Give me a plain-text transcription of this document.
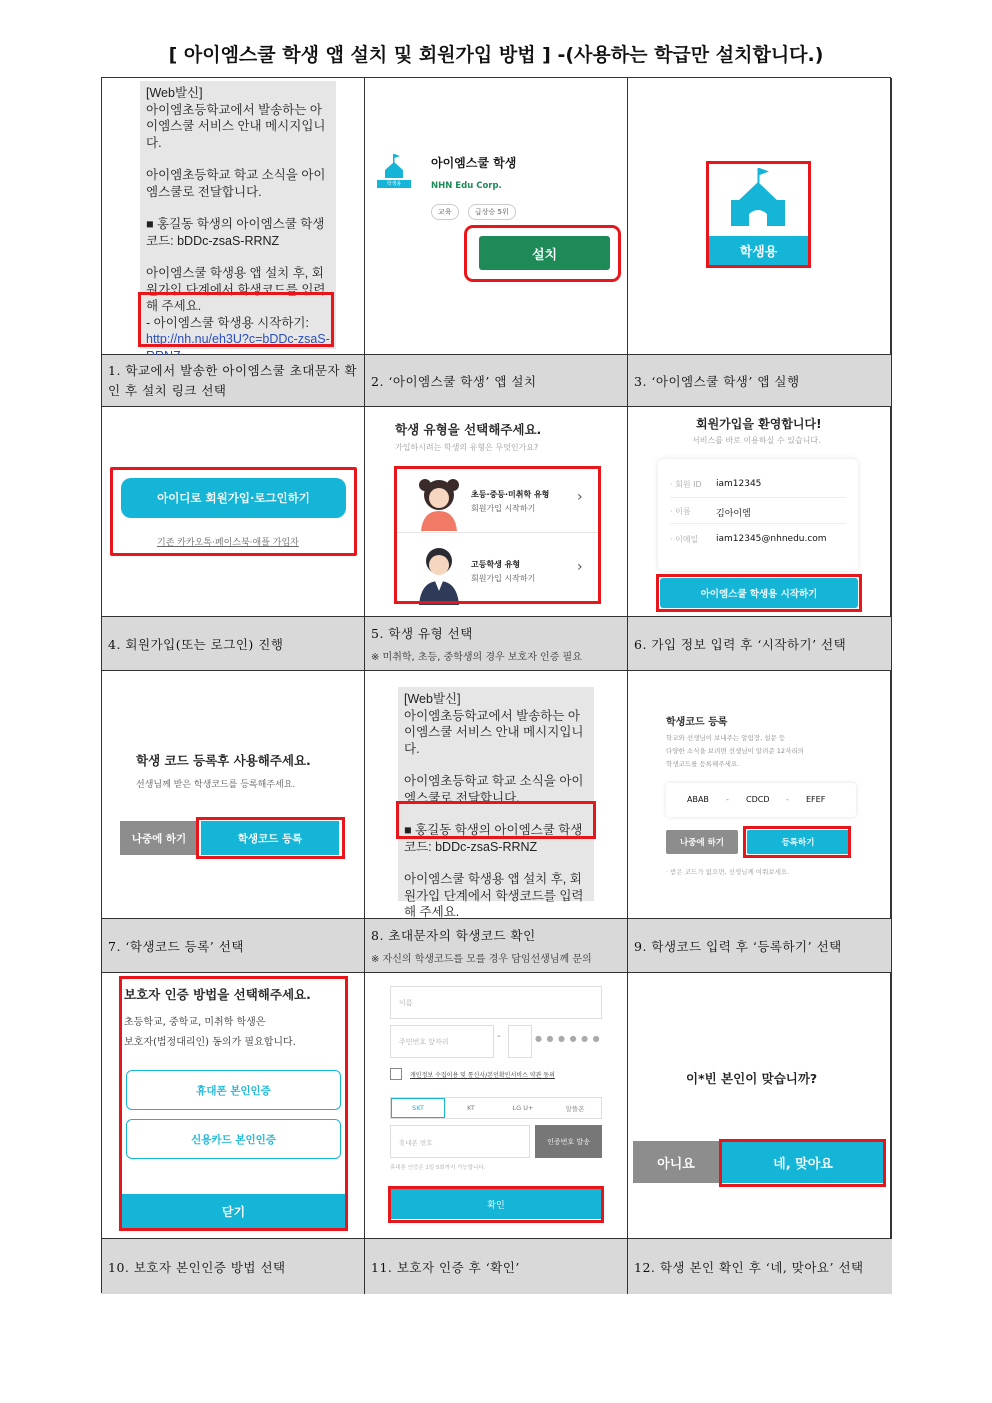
[ 아이엠스쿨 학생 앱 설치 및 회원가입 방법 ] -(사용하는 학급만 설치합니다.)
[Web발신]

아이엠초등학교에서 발송하는 아이엠스쿨 서비스 안내 메시지입니다.

아이엠초등학교 학교 소식을 아이엠스쿨로 전달합니다.

■ 홍길동 학생의 아이엠스쿨 학생코드: bDDc-zsaS-RRNZ

아이엠스쿨 학생용 앱 설치 후, 회원가입 단계에서 학생코드를 입력해 주세요.

- 아이엠스쿨 학생용 시작하기:
http://nh.nu/eh3U?c=bDDc-zsaS-
학생용
아이엠스쿨 학생
NHN Edu Corp.
교육	급상승 5위
설치	학생용
1. 학교에서 발송한 아이엠스쿨 초대문자 확인 후 설치 링크 선택
2. ‘아이엠스쿨 학생’ 앱 설치	3. ‘아이엠스쿨 학생’ 앱 실행
아이디로 회원가입·로그인하기
기존 카카오톡·페이스북·애플 가입자
학생 유형을 선택해주세요.
가입하시려는 학생의 유형은 무엇인가요?
초등·중등·미취학 유형
회원가입 시작하기
›
고등학생 유형
회원가입 시작하기
›
회원가입을 환영합니다!
서비스를 바로 이용하실 수 있습니다.
· 회원 ID iam12345
· 이름	김아이엠
· 이메일 iam12345@nhnedu.com
아이엠스쿨 학생용 시작하기
4. 회원가입(또는 로그인) 진행
5. 학생 유형 선택
※ 미취학, 초등, 중학생의 경우 보호자 인증 필요
6. 가입 정보 입력 후 ‘시작하기’ 선택
학생 코드 등록후 사용해주세요.
선생님께 받은 학생코드를 등록해주세요.
나중에 하기	학생코드 등록
[Web발신]

아이엠초등학교에서 발송하는 아이엠스쿨 서비스 안내 메시지입니다.

아이엠초등학교 학교 소식을 아이엠스쿨로 전달합니다.

■ 홍길동 학생의 아이엠스쿨 학생코드: bDDc-zsaS-RRNZ

아이엠스쿨 학생용 앱 설치 후, 회원가입 단계에서 학생코드를 입력해 주세요.

학생코드 등록
학교와 선생님이 보내주는 알림장, 설문 등
다양한 소식을 보려면 선생님이 알려준 12자리의
학생코드를 등록해주세요.
ABAB - CDCD - EFEF
나중에 하기	등록하기
· 받은 코드가 없으면, 선생님께 여쭤보세요.
7. ‘학생코드 등록’ 선택
8. 초대문자의 학생코드 확인
※ 자신의 학생코드를 모를 경우 담임선생님께 문의
9. 학생코드 입력 후 ‘등록하기’ 선택
보호자 인증 방법을 선택해주세요.
초등학교, 중학교, 미취학 학생은
보호자(법정대리인) 동의가 필요합니다.
휴대폰 본인인증
신용카드 본인인증
닫기
이름
주민번호 앞자리	-	● ● ● ● ● ●
개인정보 수집이용 및 통신사/본인확인서비스 약관 동의
SKT	KT	LG U+	알뜰폰
휴대폰 번호	인증번호 발송
휴대폰 인증은 1일 5회까지 가능합니다.
확인
이*빈 본인이 맞습니까?
아니요	네, 맞아요
10. 보호자 본인인증 방법 선택	11. 보호자 인증 후 ‘확인’	12. 학생 본인 확인 후 ‘네, 맞아요’ 선택
